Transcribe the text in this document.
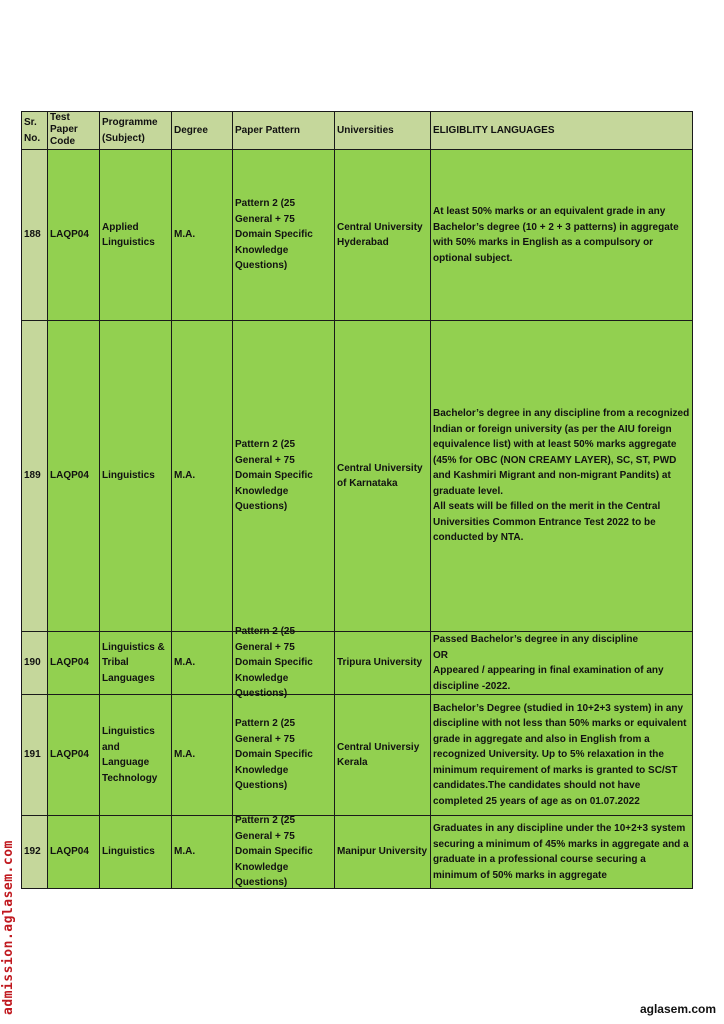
Sr. No.	Test Paper Code	Programme (Subject)	Degree	Paper Pattern	Universities	ELIGIBLITY LANGUAGES
188	LAQP04	Applied Linguistics	M.A.	Pattern 2 (25 General + 75 Domain Specific Knowledge Questions)	Central University Hyderabad	At least 50% marks or an equivalent grade in any Bachelor’s degree (10 + 2 + 3 patterns) in aggregate with 50% marks in English as a compulsory or optional subject.
189	LAQP04	Linguistics	M.A.	Pattern 2 (25 General + 75 Domain Specific Knowledge Questions)	Central University of Karnataka	Bachelor’s degree in any discipline from a recognized Indian or foreign university (as per the AIU foreign equivalence list) with at least 50% marks aggregate (45% for OBC (NON CREAMY LAYER), SC, ST, PWD and Kashmiri Migrant and non-migrant Pandits) at graduate level.
All seats will be filled on the merit in the Central Universities Common Entrance Test 2022 to be conducted by NTA.

190	LAQP04	Linguistics & Tribal Languages	M.A.	Pattern 2 (25 General + 75 Domain Specific Knowledge Questions)	Tripura University	Passed Bachelor’s degree in any discipline
OR
Appeared / appearing in final examination of any discipline -2022.

191	LAQP04	Linguistics and Language Technology	M.A.	Pattern 2 (25 General + 75 Domain Specific Knowledge Questions)	Central Universiy Kerala	Bachelor’s Degree (studied in 10+2+3 system) in any discipline with not less than 50% marks or equivalent grade in aggregate and also in English from a recognized University. Up to 5% relaxation in the minimum requirement of marks is granted to SC/ST candidates.The candidates should not have completed 25 years of age as on 01.07.2022
192	LAQP04	Linguistics	M.A.	Pattern 2 (25 General + 75 Domain Specific Knowledge Questions)	Manipur University	Graduates in any discipline under the 10+2+3 system securing a minimum of 45% marks in aggregate and a graduate in a professional course securing a minimum of 50% marks in aggregate
admission.aglasem.com	aglasem.com
